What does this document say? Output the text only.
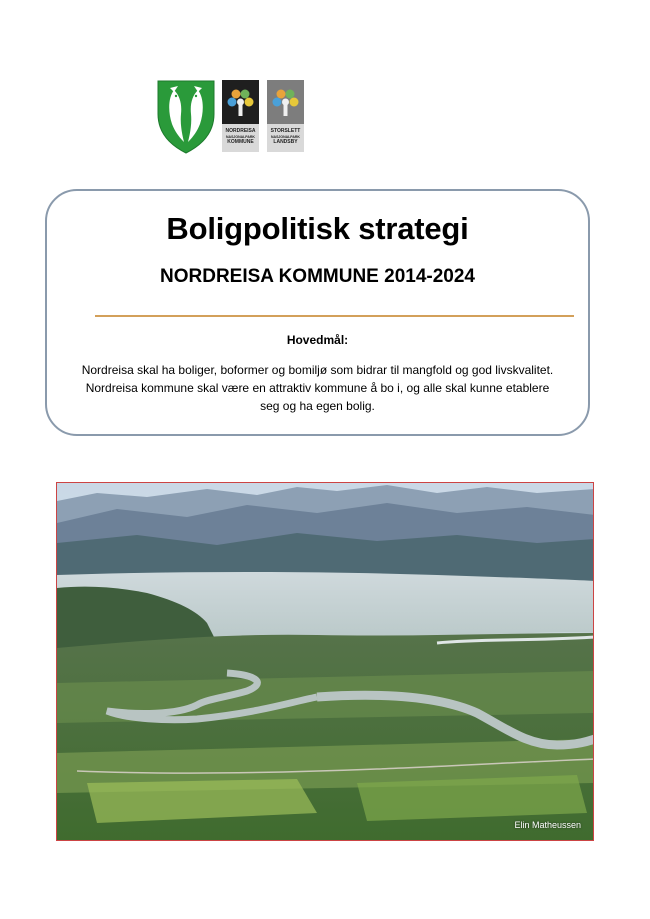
NORDREISA
NASJONALPARK
KOMMUNE
STORSLETT
NASJONALPARK
LANDSBY
Boligpolitisk strategi
NORDREISA KOMMUNE 2014-2024
Hovedmål:
Nordreisa skal ha boliger, boformer og bomiljø som bidrar til mangfold og god livskvalitet.
Nordreisa kommune skal være en attraktiv kommune å bo i, og alle skal kunne etablere
seg og ha egen bolig.
Elin Matheussen
